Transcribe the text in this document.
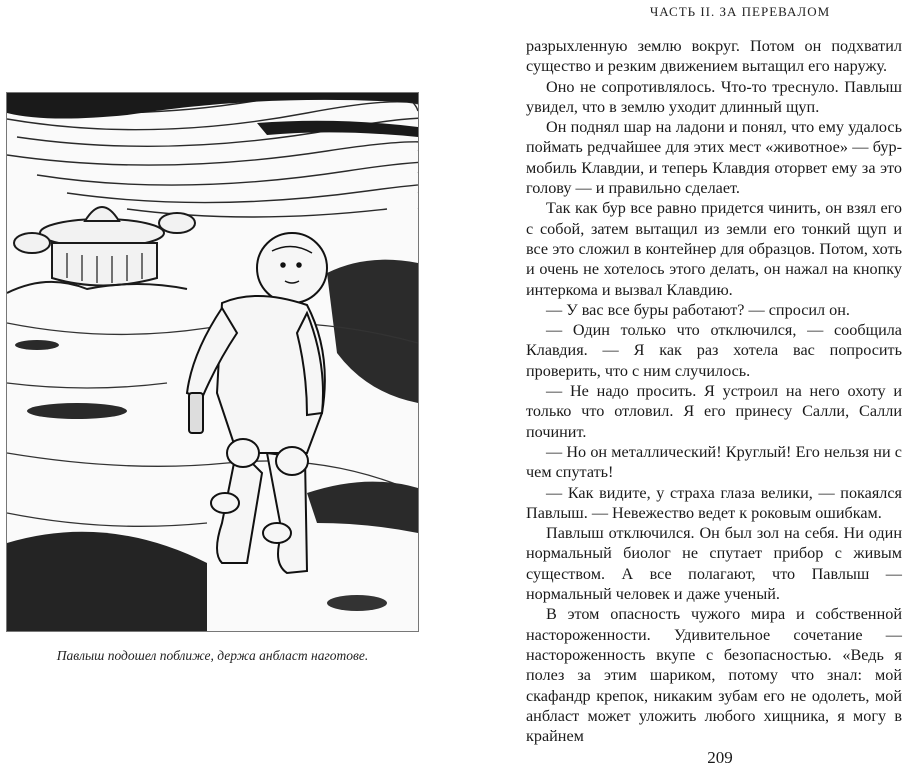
ЧАСТЬ II. ЗА ПЕРЕВАЛОМ
Павлыш подошел поближе, держа анбласт наготове.

разрыхленную землю вокруг. Потом он подхватил существо и резким движением вытащил его наружу.

Оно не сопротивлялось. Что-то треснуло. Павлыш увидел, что в землю уходит длинный щуп.

Он поднял шар на ладони и понял, что ему удалось поймать редчайшее для этих мест «животное» — бур-мобиль Клавдии, и теперь Клавдия оторвет ему за это голову — и правильно сделает.

Так как бур все равно придется чинить, он взял его с собой, затем вытащил из земли его тонкий щуп и все это сложил в контейнер для образцов. Потом, хоть и очень не хотелось этого делать, он нажал на кнопку интеркома и вызвал Клавдию.

— У вас все буры работают? — спросил он.

— Один только что отключился, — сообщила Клавдия. — Я как раз хотела вас попросить проверить, что с ним случилось.

— Не надо просить. Я устроил на него охоту и только что отловил. Я его принесу Салли, Салли починит.

— Но он металлический! Круглый! Его нельзя ни с чем спутать!

— Как видите, у страха глаза велики, — покаялся Павлыш. — Невежество ведет к роковым ошибкам.

Павлыш отключился. Он был зол на себя. Ни один нормальный биолог не спутает прибор с живым существом. А все полагают, что Павлыш — нормальный человек и даже ученый.

В этом опасность чужого мира и собственной настороженности. Удивительное сочетание — настороженность вкупе с безопасностью. «Ведь я полез за этим шариком, потому что знал: мой скафандр крепок, никаким зубам его не одолеть, мой анбласт может уложить любого хищника, я могу в крайнем

209
